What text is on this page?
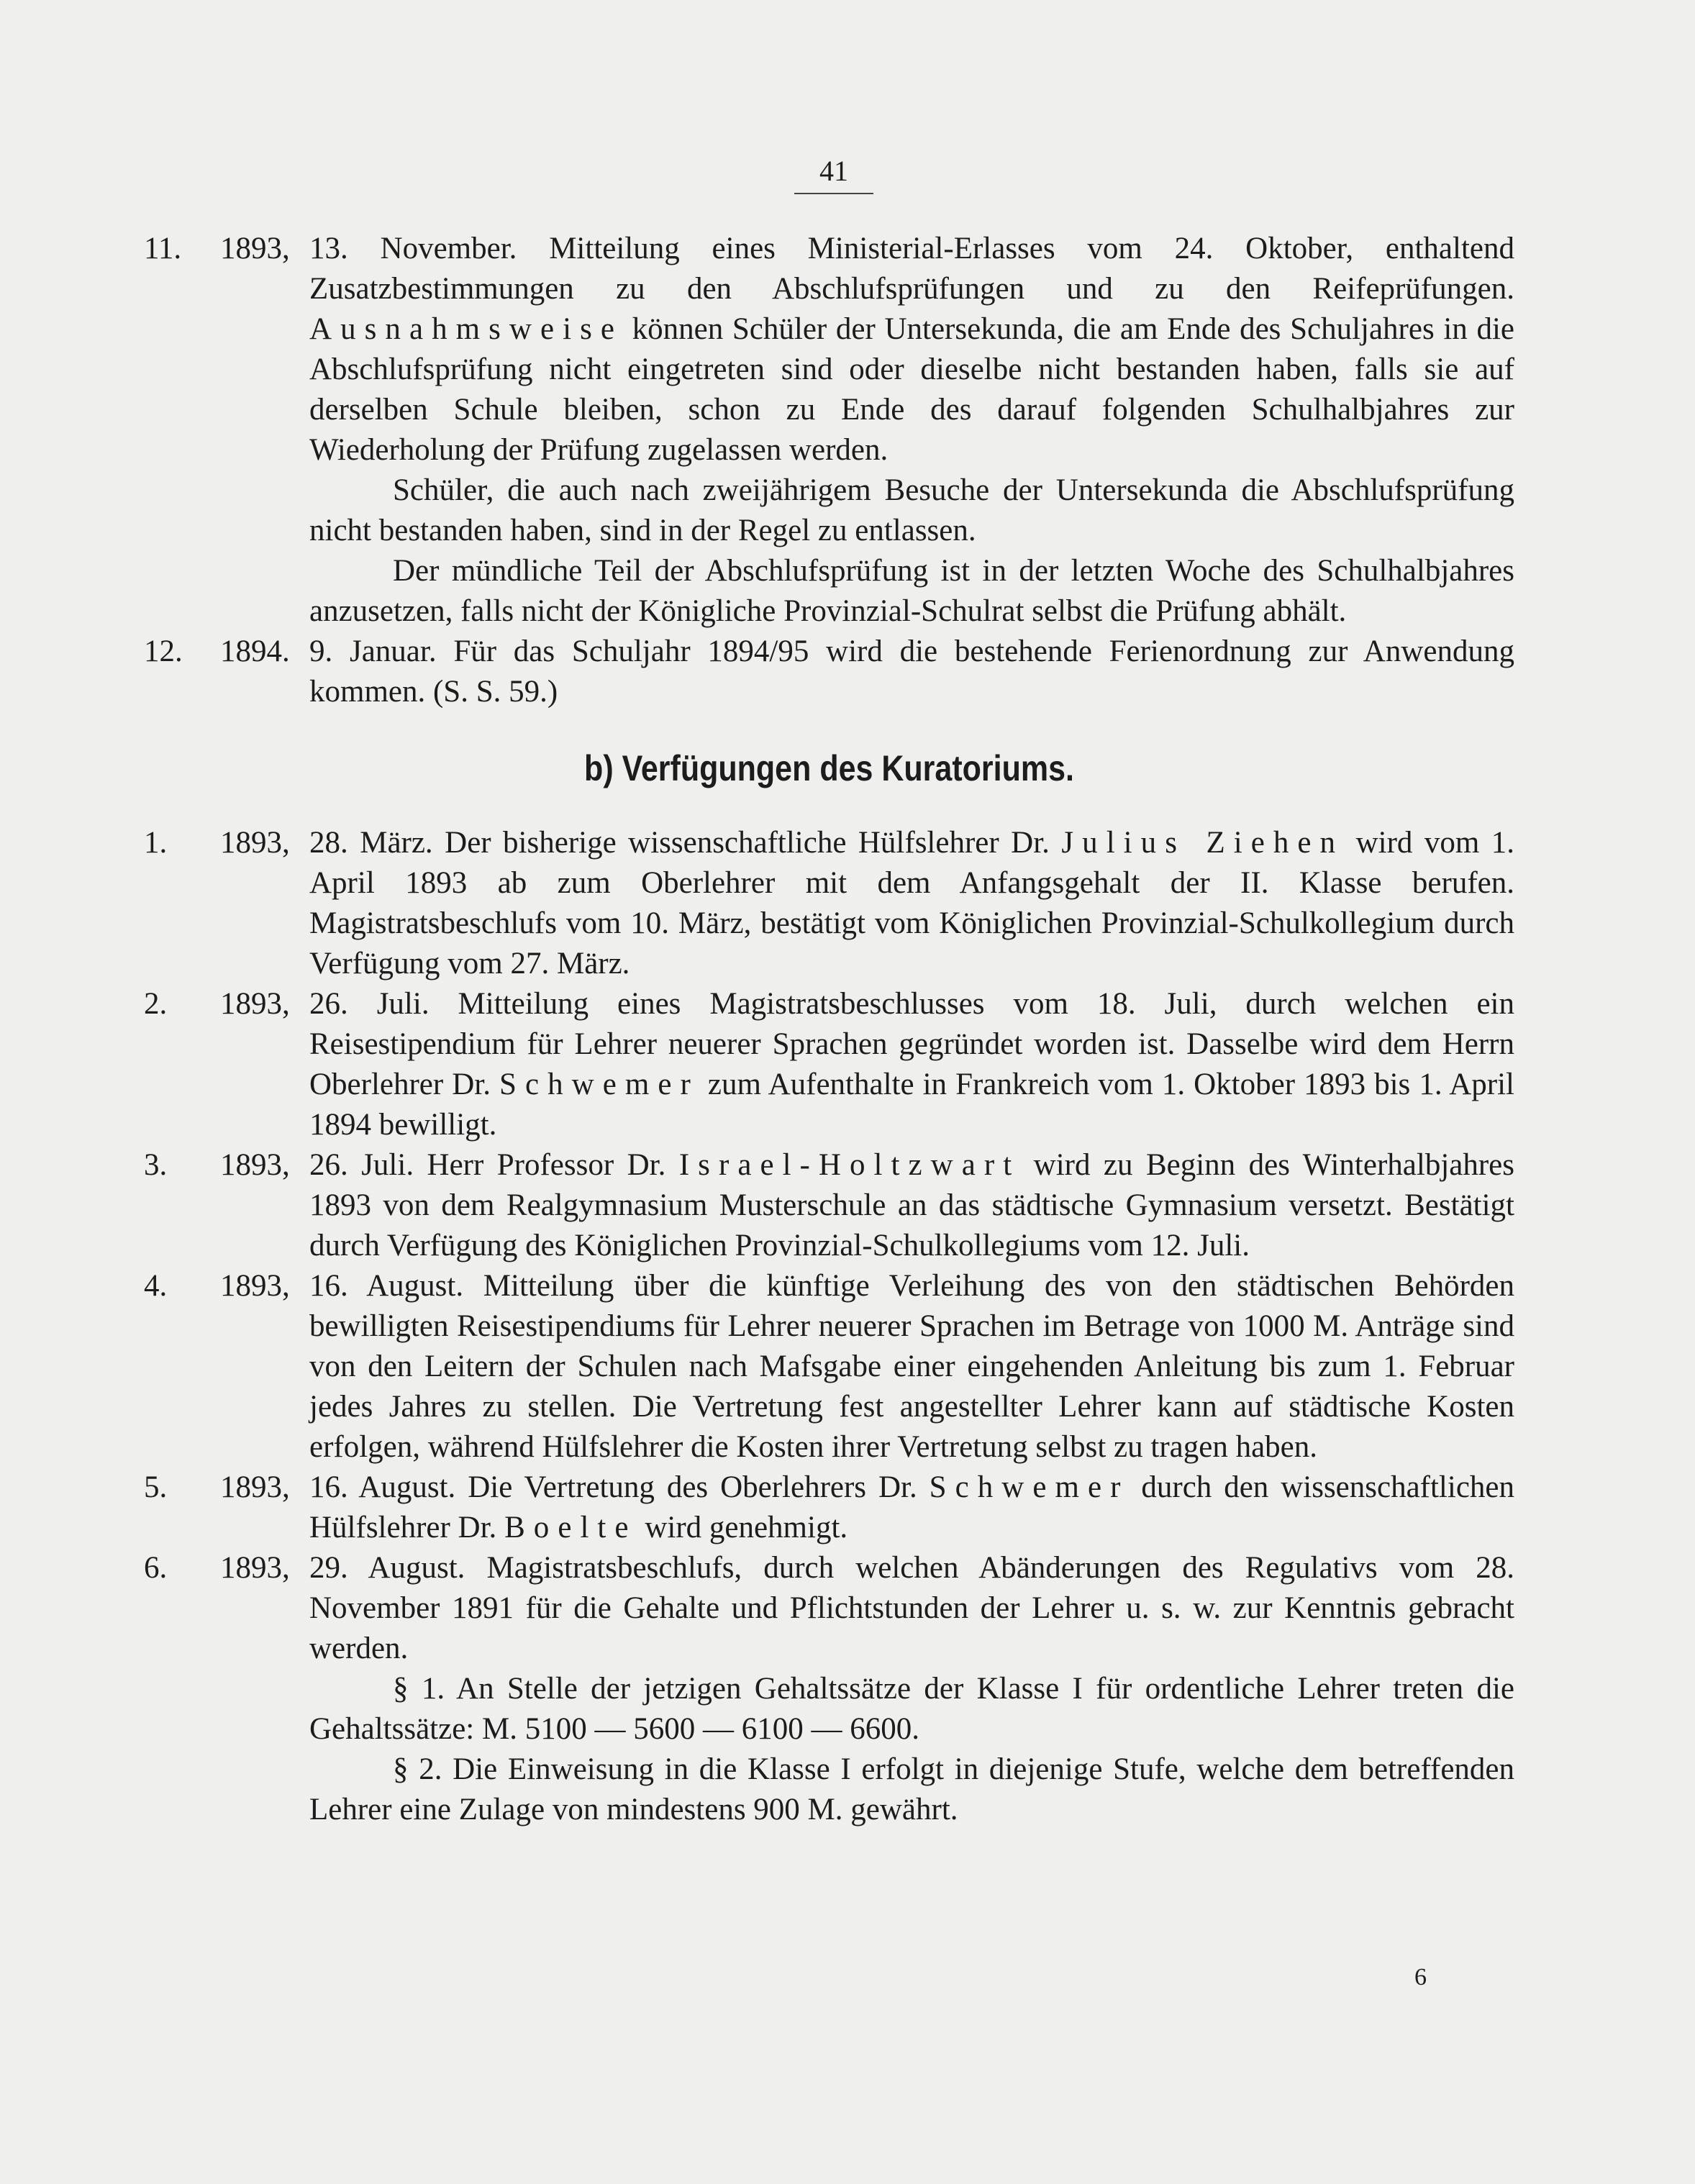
41
11.	1893, 13. November. Mitteilung eines Ministerial-Erlasses vom 24. Oktober, enthaltend Zusatzbestimmungen zu den Abschlufsprüfungen und zu den Reifeprüfungen. Ausnahmsweise können Schüler der Untersekunda, die am Ende des Schuljahres in die Abschlufsprüfung nicht eingetreten sind oder dieselbe nicht bestanden haben, falls sie auf derselben Schule bleiben, schon zu Ende des darauf folgenden Schulhalbjahres zur Wiederholung der Prüfung zugelassen werden.

Schüler, die auch nach zweijährigem Besuche der Untersekunda die Abschlufsprüfung nicht bestanden haben, sind in der Regel zu entlassen.

Der mündliche Teil der Abschlufsprüfung ist in der letzten Woche des Schulhalbjahres anzusetzen, falls nicht der Königliche Provinzial-Schulrat selbst die Prüfung abhält.

12.	1894. 9. Januar. Für das Schuljahr 1894/95 wird die bestehende Ferienordnung zur Anwendung kommen. (S. S. 59.)

b) Verfügungen des Kuratoriums.
1.	1893, 28. März. Der bisherige wissenschaftliche Hülfslehrer Dr. Julius Ziehen wird vom 1. April 1893 ab zum Oberlehrer mit dem Anfangsgehalt der II. Klasse berufen. Magistratsbeschlufs vom 10. März, bestätigt vom Königlichen Provinzial-Schulkollegium durch Verfügung vom 27. März.

2.	1893, 26. Juli. Mitteilung eines Magistratsbeschlusses vom 18. Juli, durch welchen ein Reisestipendium für Lehrer neuerer Sprachen gegründet worden ist. Dasselbe wird dem Herrn Oberlehrer Dr. Schwemer zum Aufenthalte in Frankreich vom 1. Oktober 1893 bis 1. April 1894 bewilligt.

3.	1893, 26. Juli. Herr Professor Dr. Israel-Holtzwart wird zu Beginn des Winterhalbjahres 1893 von dem Realgymnasium Musterschule an das städtische Gymnasium versetzt. Bestätigt durch Verfügung des Königlichen Provinzial-Schulkollegiums vom 12. Juli.

4.	1893, 16. August. Mitteilung über die künftige Verleihung des von den städtischen Behörden bewilligten Reisestipendiums für Lehrer neuerer Sprachen im Betrage von 1000 M. Anträge sind von den Leitern der Schulen nach Mafsgabe einer eingehenden Anleitung bis zum 1. Februar jedes Jahres zu stellen. Die Vertretung fest angestellter Lehrer kann auf städtische Kosten erfolgen, während Hülfslehrer die Kosten ihrer Vertretung selbst zu tragen haben.

5.	1893, 16. August. Die Vertretung des Oberlehrers Dr. Schwemer durch den wissenschaftlichen Hülfslehrer Dr. Boelte wird genehmigt.

6.	1893, 29. August. Magistratsbeschlufs, durch welchen Abänderungen des Regulativs vom 28. November 1891 für die Gehalte und Pflichtstunden der Lehrer u. s. w. zur Kenntnis gebracht werden.

§ 1. An Stelle der jetzigen Gehaltssätze der Klasse I für ordentliche Lehrer treten die Gehaltssätze: M. 5100 — 5600 — 6100 — 6600.

§ 2. Die Einweisung in die Klasse I erfolgt in diejenige Stufe, welche dem betreffenden Lehrer eine Zulage von mindestens 900 M. gewährt.

6
